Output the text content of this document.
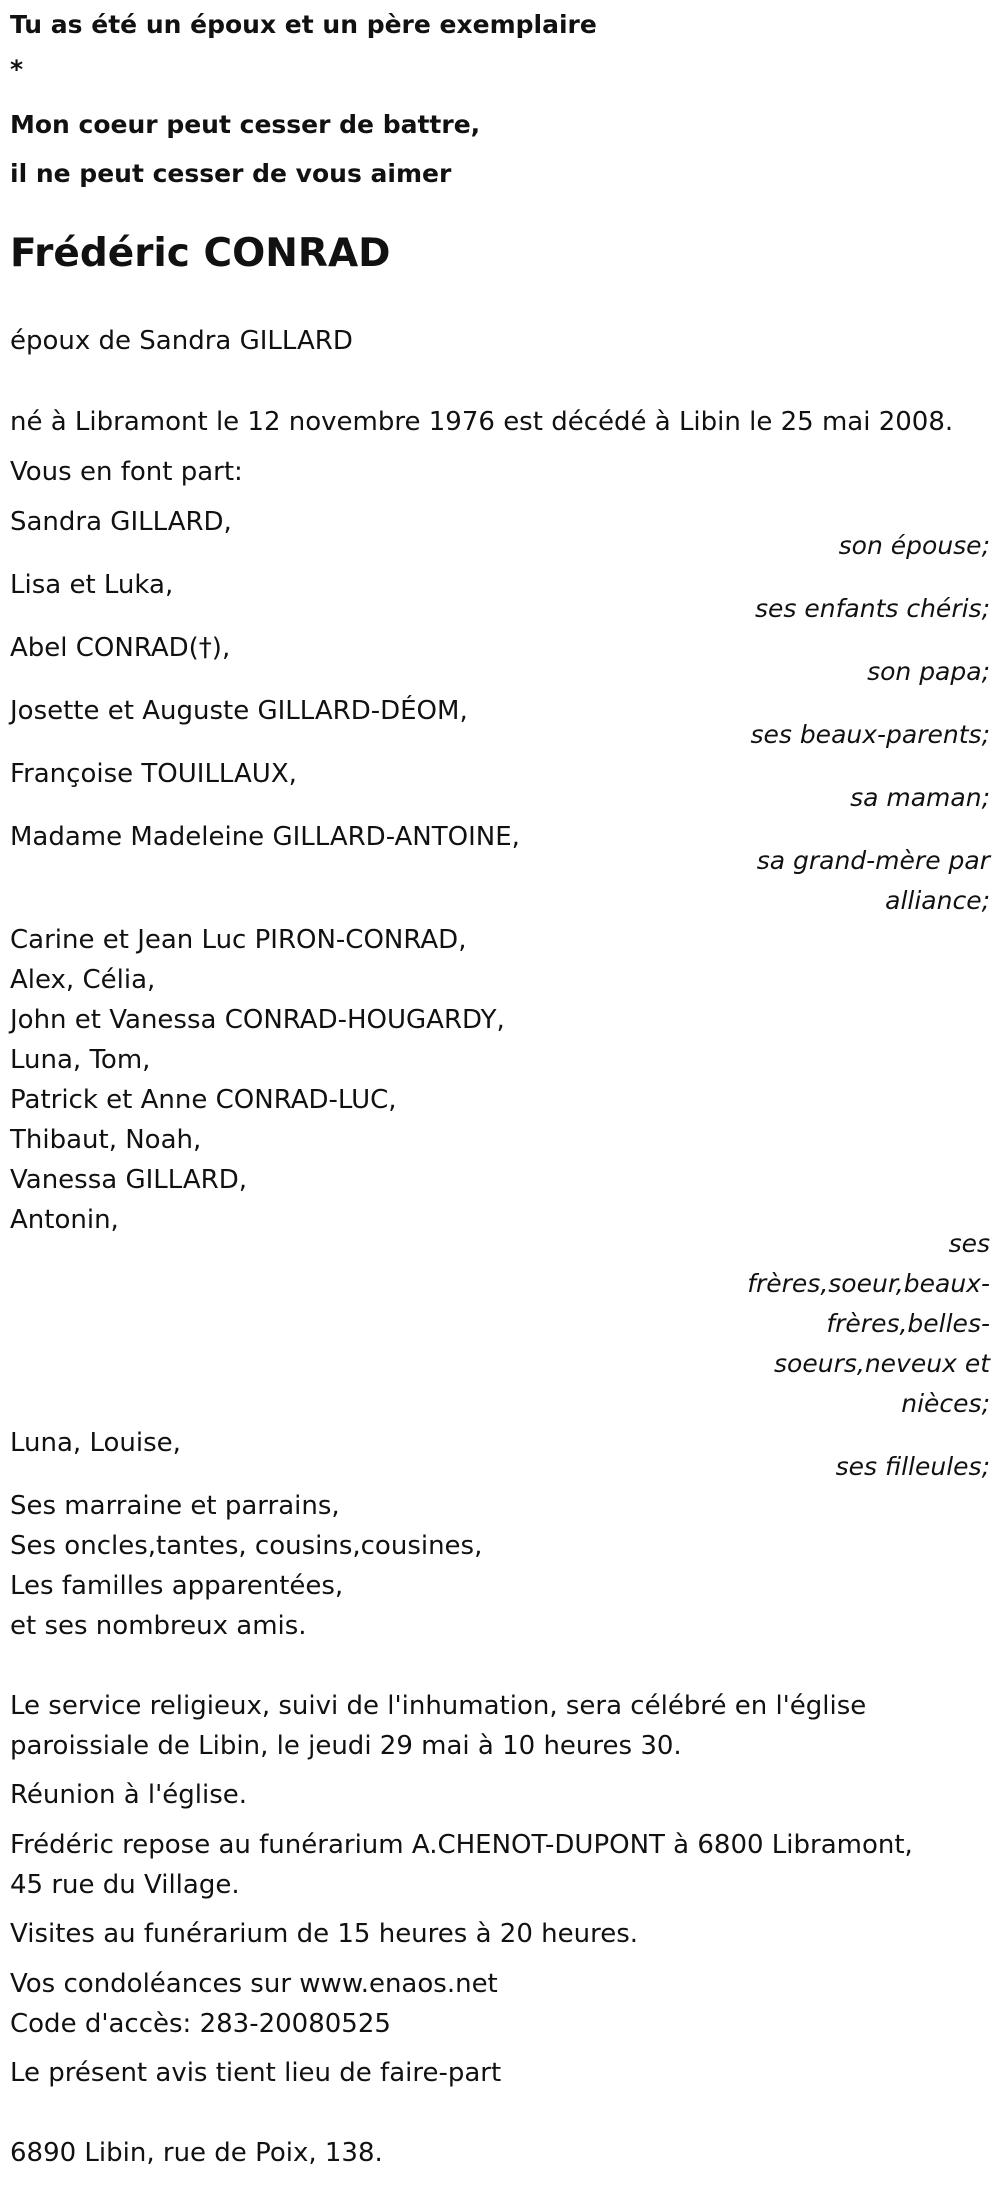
Tu as été un époux et un père exemplaire
*
Mon coeur peut cesser de battre,
il ne peut cesser de vous aimer
Frédéric CONRAD
époux de Sandra GILLARD
né à Libramont le 12 novembre 1976 est décédé à Libin le 25 mai 2008.
Vous en font part:
Sandra GILLARD,
son épouse;
Lisa et Luka,
ses enfants chéris;
Abel CONRAD(†),
son papa;
Josette et Auguste GILLARD-DÉOM,
ses beaux-parents;
Françoise TOUILLAUX,
sa maman;
Madame Madeleine GILLARD-ANTOINE,
sa grand-mère par
alliance;
Carine et Jean Luc PIRON-CONRAD,
Alex, Célia,
John et Vanessa CONRAD-HOUGARDY,
Luna, Tom,
Patrick et Anne CONRAD-LUC,
Thibaut, Noah,
Vanessa GILLARD,
Antonin,
ses
frères,soeur,beaux-
frères,belles-
soeurs,neveux et
nièces;
Luna, Louise,
ses filleules;
Ses marraine et parrains,
Ses oncles,tantes, cousins,cousines,
Les familles apparentées,
et ses nombreux amis.
Le service religieux, suivi de l'inhumation, sera célébré en l'église
paroissiale de Libin, le jeudi 29 mai à 10 heures 30.
Réunion à l'église.
Frédéric repose au funérarium A.CHENOT-DUPONT à 6800 Libramont,
45 rue du Village.
Visites au funérarium de 15 heures à 20 heures.
Vos condoléances sur www.enaos.net
Code d'accès: 283-20080525
Le présent avis tient lieu de faire-part
6890 Libin, rue de Poix, 138.
